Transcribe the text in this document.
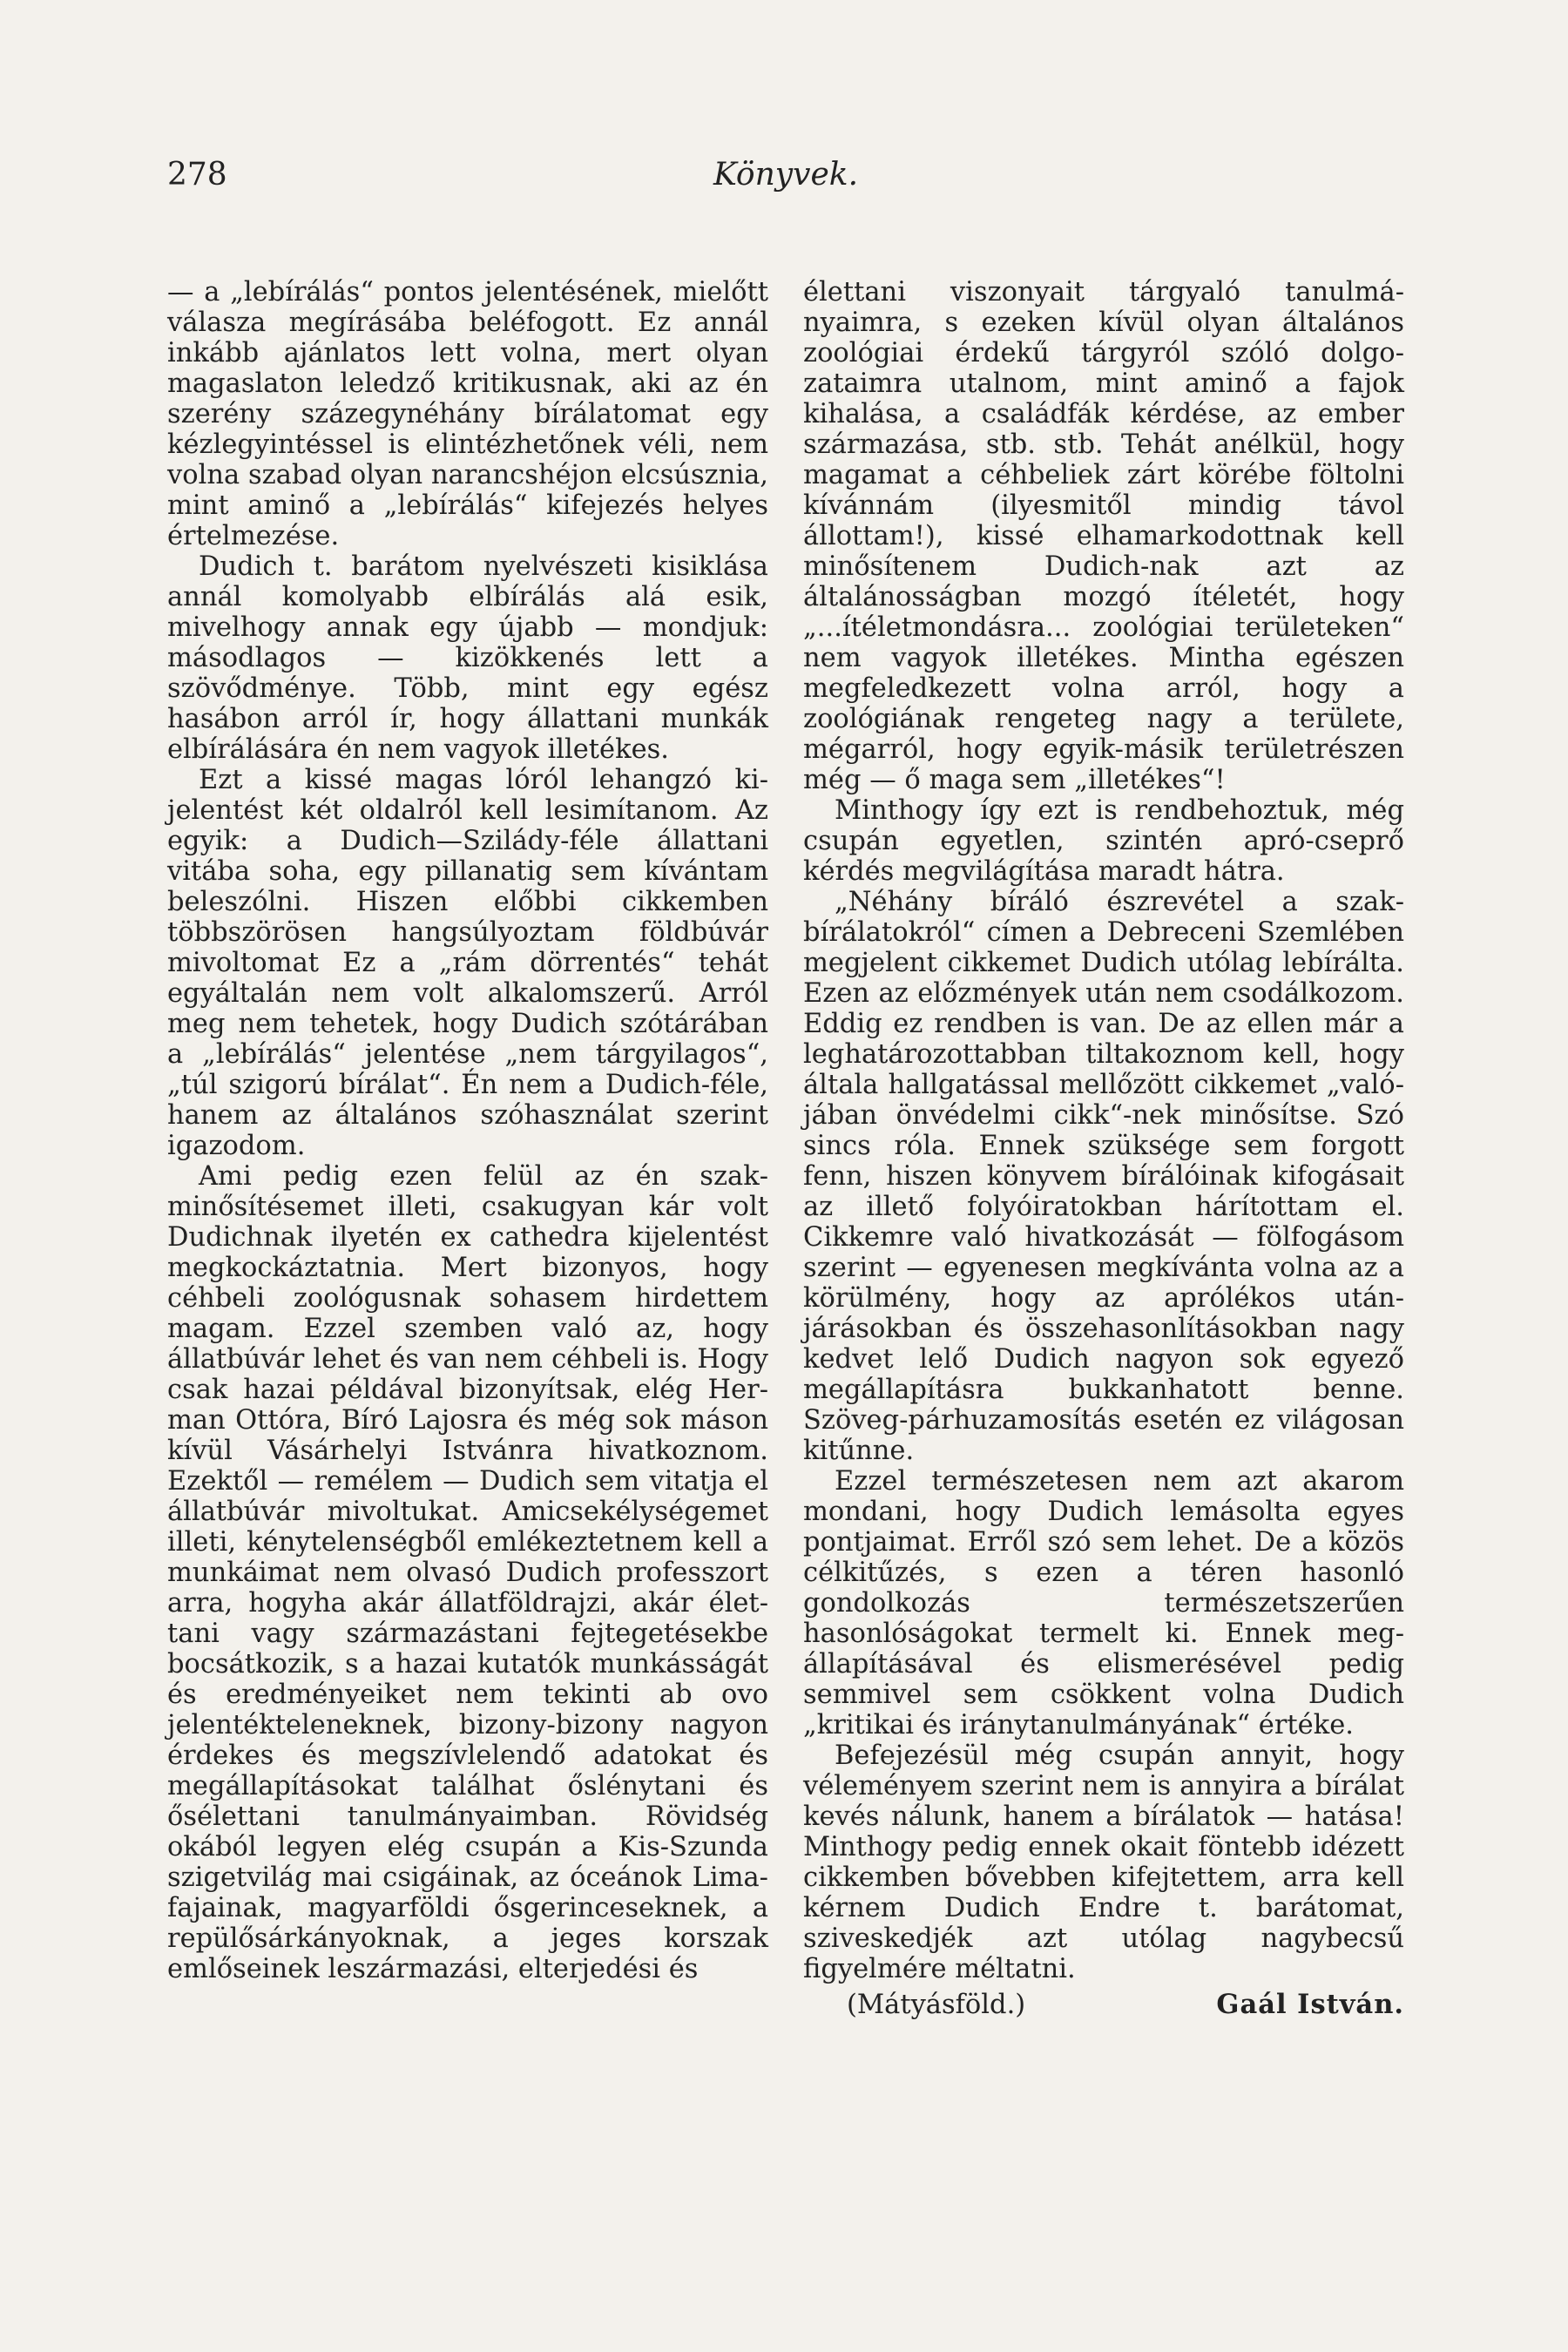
278	Könyvek.

— a „lebírálás“ pontos jelentésének, mielőtt válasza megírásába beléfogott. Ez annál inkább ajánlatos lett volna, mert olyan magaslaton leledző kritikusnak, aki az én szerény százegynéhány bírálatomat egy kézlegyintéssel is elintézhetőnek véli, nem volna szabad olyan narancshéjon elcsúsznia, mint aminő a „lebírálás“ kifejezés helyes értelmezése.

Dudich t. barátom nyelvészeti kisiklása annál komolyabb elbírálás alá esik, mivelhogy annak egy újabb — mondjuk: másodlagos — kizökkenés lett a szövődménye. Több, mint egy egész hasábon arról ír, hogy állattani munkák elbírálására én nem vagyok illetékes.

Ezt a kissé magas lóról lehangzó kijelentést két oldalról kell lesimítanom. Az egyik: a Dudich—Sziládу-féle állattani vitába soha, egy pillanatig sem kívántam beleszólni. Hiszen előbbi cikkemben többszörösen hangsúlyoztam földbúvár mivoltomat Ez a „rám dörrentés“ tehát egyáltalán nem volt alkalomszerű. Arról meg nem tehetek, hogy Dudich szótárában a „lebírálás“ jelentése „nem tárgyilagos“, „túl szigorú bírálat“. Én nem a Dudich-féle, hanem az általános szóhasználat szerint igazodom.

Ami pedig ezen felül az én szakminősítésemet illeti, csakugyan kár volt Dudichnak ilyetén ex cathedra kijelentést megkockáztatnia. Mert bizonyos, hogy céhbeli zoológusnak sohasem hirdettem magam. Ezzel szemben való az, hogy állatbúvár lehet és van nem céhbeli is. Hogy csak hazai példával bizonyítsak, elég Herman Ottóra, Bíró Lajosra és még sok máson kívül Vásárhelyi Istvánra hivatkoznom. Ezektől — remélem — Dudich sem vitatja el állatbúvár mivoltukat. Amicsekélységemet illeti, kénytelenségből emlékeztetnem kell a munkáimat nem olvasó Dudich professzort arra, hogyha akár állatföldrajzi, akár élettani vagy származástani fejtegetésekbe bocsátkozik, s a hazai kutatók munkásságát és eredményeiket nem tekinti ab ovo jelentékteleneknek, bizony-bizony nagyon érdekes és megszívlelendő adatokat és megállapításokat találhat őslénytani és ősélettani tanulmányaimban. Rövidség okából legyen elég csupán a Kis-Szunda szigetvilág mai csigáinak, az óceánok Lima-fajainak, magyarföldi ősgerinceseknek, a repülősárkányoknak, a jeges korszak emlőseinek leszármazási, elterjedési és

élettani viszonyait tárgyaló tanulmányaimra, s ezeken kívül olyan általános zoológiai érdekű tárgyról szóló dolgozataimra utalnom, mint aminő a fajok kihalása, a családfák kérdése, az ember származása, stb. stb. Tehát anélkül, hogy magamat a céhbeliek zárt körébe föltolni kívánnám (ilyesmitől mindig távol állottam!), kissé elhamarkodottnak kell minősítenem Dudich-nak azt az általánosságban mozgó ítéletét, hogy „...ítéletmondásra... zoológiai területeken“ nem vagyok illetékes. Mintha egészen megfeledkezett volna arról, hogy a zoológiának rengeteg nagy a területe, mégarról, hogy egyik-másik területrészen még — ő maga sem „illetékes“!

Minthogy így ezt is rendbehoztuk, még csupán egyetlen, szintén apró-cseprő kérdés megvilágítása maradt hátra.

„Néhány bíráló észrevétel a szakbírálatokról“ címen a Debreceni Szemlében megjelent cikkemet Dudich utólag lebírálta. Ezen az előzmények után nem csodálkozom. Eddig ez rendben is van. De az ellen már a leghatározottabban tiltakoznom kell, hogy általa hallgatással mellőzött cikkemet „valójában önvédelmi cikk“-nek minősítse. Szó sincs róla. Ennek szüksége sem forgott fenn, hiszen könyvem bírálóinak kifogásait az illető folyóiratokban hárítottam el. Cikkemre való hivatkozását — fölfogásom szerint — egyenesen megkívánta volna az a körülmény, hogy az aprólékos utánjárásokban és összehasonlításokban nagy kedvet lelő Dudich nagyon sok egyező megállapításra bukkanhatott benne. Szöveg-párhuzamosítás esetén ez világosan kitűnne.

Ezzel természetesen nem azt akarom mondani, hogy Dudich lemásolta egyes pontjaimat. Erről szó sem lehet. De a közös célkitűzés, s ezen a téren hasonló gondolkozás természetszerűen hasonlóságokat termelt ki. Ennek megállapításával és elismerésével pedig semmivel sem csökkent volna Dudich „kritikai és iránytanulmányának“ értéke.

Befejezésül még csupán annyit, hogy véleményem szerint nem is annyira a bírálat kevés nálunk, hanem a bírálatok — hatása! Minthogy pedig ennek okait föntebb idézett cikkemben bővebben kifejtettem, arra kell kérnem Dudich Endre t. barátomat, sziveskedjék azt utólag nagybecsű figyelmére méltatni.

(Mátyásföld.)	Gaál István.
